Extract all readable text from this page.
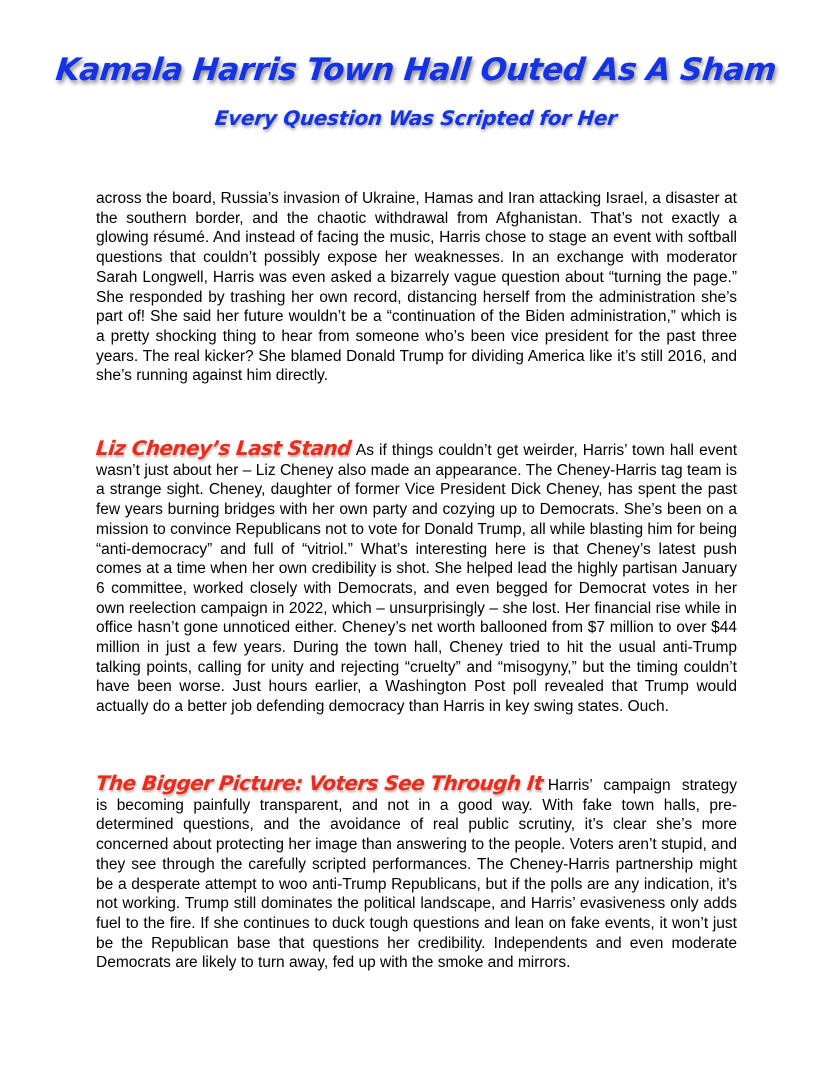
Kamala Harris Town Hall Outed As A Sham
Every Question Was Scripted for Her

across the board, Russia’s invasion of Ukraine, Hamas and Iran attacking Israel, a disaster at the southern border, and the chaotic withdrawal from Afghanistan. That’s not exactly a glowing résumé. And instead of facing the music, Harris chose to stage an event with softball questions that couldn’t possibly expose her weaknesses. In an exchange with moderator Sarah Longwell, Harris was even asked a bizarrely vague question about “turning the page.” She responded by trashing her own record, distancing herself from the administration she’s part of! She said her future wouldn’t be a “continuation of the Biden administration,” which is a pretty shocking thing to hear from someone who’s been vice president for the past three years. The real kicker? She blamed Donald Trump for dividing America like it’s still 2016, and she’s running against him directly.

Liz Cheney’s Last Stand As if things couldn’t get weirder, Harris’ town hall event wasn’t just about her – Liz Cheney also made an appearance. The Cheney-Harris tag team is a strange sight. Cheney, daughter of former Vice President Dick Cheney, has spent the past few years burning bridges with her own party and cozying up to Democrats. She’s been on a mission to convince Republicans not to vote for Donald Trump, all while blasting him for being “anti-democracy” and full of “vitriol.” What’s interesting here is that Cheney’s latest push comes at a time when her own credibility is shot. She helped lead the highly partisan January 6 committee, worked closely with Democrats, and even begged for Democrat votes in her own reelection campaign in 2022, which – unsurprisingly – she lost. Her financial rise while in office hasn’t gone unnoticed either. Cheney’s net worth ballooned from $7 million to over $44 million in just a few years. During the town hall, Cheney tried to hit the usual anti-Trump talking points, calling for unity and rejecting “cruelty” and “misogyny,” but the timing couldn’t have been worse. Just hours earlier, a Washington Post poll revealed that Trump would actually do a better job defending democracy than Harris in key swing states. Ouch.

The Bigger Picture: Voters See Through It Harris’ campaign strategy is becoming painfully transparent, and not in a good way. With fake town halls, pre-determined questions, and the avoidance of real public scrutiny, it’s clear she’s more concerned about protecting her image than answering to the people. Voters aren’t stupid, and they see through the carefully scripted performances. The Cheney-Harris partnership might be a desperate attempt to woo anti-Trump Republicans, but if the polls are any indication, it’s not working. Trump still dominates the political landscape, and Harris’ evasiveness only adds fuel to the fire. If she continues to duck tough questions and lean on fake events, it won’t just be the Republican base that questions her credibility. Independents and even moderate Democrats are likely to turn away, fed up with the smoke and mirrors.
